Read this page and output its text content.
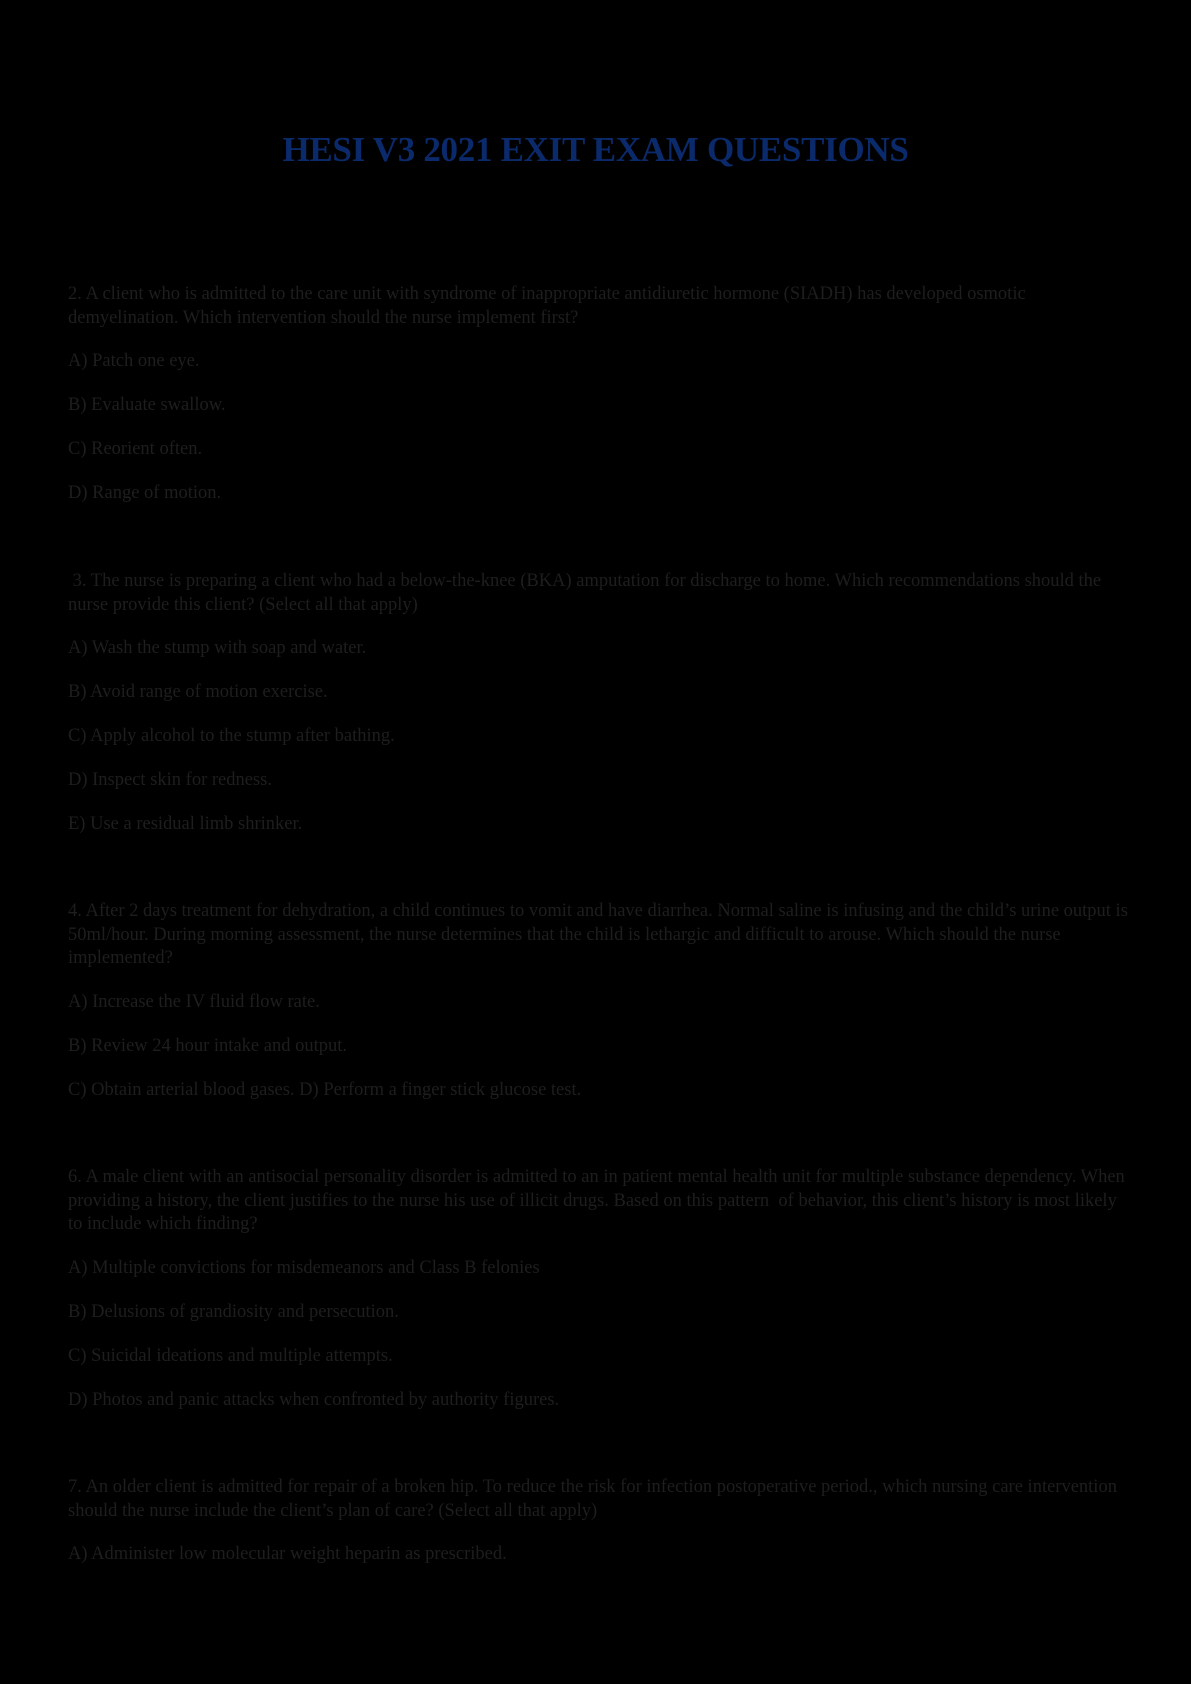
HESI V3 2021 EXIT EXAM QUESTIONS

2. A client who is admitted to the care unit with syndrome of inappropriate antidiuretic hormone (SIADH) has developed osmotic demyelination. Which intervention should the nurse implement first?

A) Patch one eye.
B) Evaluate swallow.
C) Reorient often.
D) Range of motion.

3. The nurse is preparing a client who had a below-the-knee (BKA) amputation for discharge to home. Which recommendations should the nurse provide this client? (Select all that apply)

A) Wash the stump with soap and water.
B) Avoid range of motion exercise.
C) Apply alcohol to the stump after bathing.
D) Inspect skin for redness.
E) Use a residual limb shrinker.

4. After 2 days treatment for dehydration, a child continues to vomit and have diarrhea. Normal saline is infusing and the child’s urine output is 50ml/hour. During morning assessment, the nurse determines that the child is lethargic and difficult to arouse. Which should the nurse implemented?

A) Increase the IV fluid flow rate.
B) Review 24 hour intake and output.
C) Obtain arterial blood gases. D) Perform a finger stick glucose test.

6. A male client with an antisocial personality disorder is admitted to an in patient mental health unit for multiple substance dependency. When providing a history, the client justifies to the nurse his use of illicit drugs. Based on this pattern  of behavior, this client’s history is most likely to include which finding?

A) Multiple convictions for misdemeanors and Class B felonies
B) Delusions of grandiosity and persecution.
C) Suicidal ideations and multiple attempts.
D) Photos and panic attacks when confronted by authority figures.

7. An older client is admitted for repair of a broken hip. To reduce the risk for infection postoperative period., which nursing care intervention should the nurse include the client’s plan of care? (Select all that apply)

A) Administer low molecular weight heparin as prescribed.
